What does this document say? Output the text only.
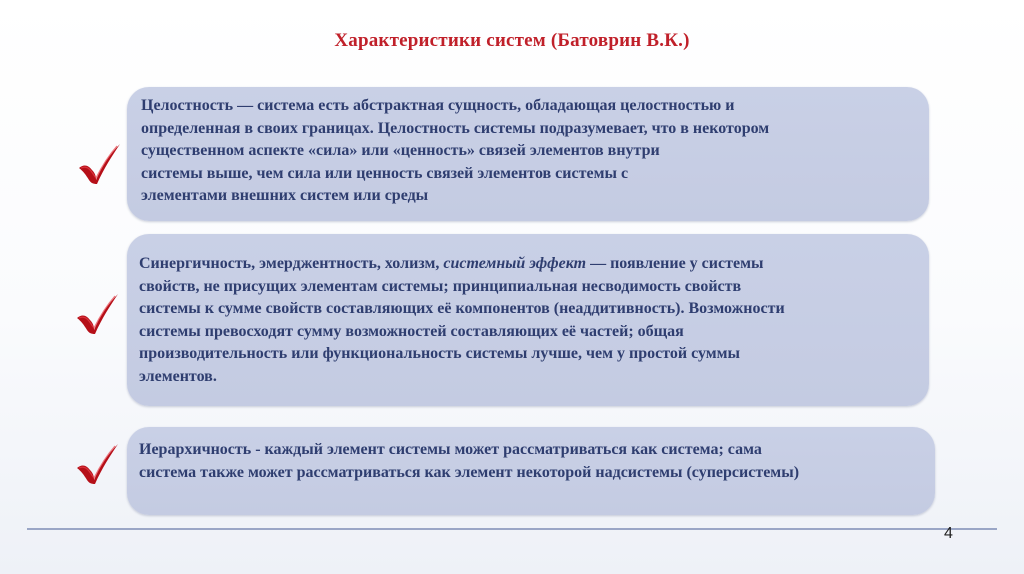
Характеристики систем (Батоврин В.К.)

Целостность — система есть абстрактная сущность, обладающая целостностью и
определенная в своих границах. Целостность системы подразумевает, что в некотором
существенном аспекте «сила» или «ценность» связей элементов внутри
системы выше, чем сила или ценность связей элементов системы с
элементами внешних систем или среды

Синергичность, эмерджентность, холизм, системный эффект — появление у системы
свойств, не присущих элементам системы; принципиальная несводимость свойств
системы к сумме свойств составляющих её компонентов (неаддитивность). Возможности
системы превосходят сумму возможностей составляющих её частей; общая
производительность или функциональность системы лучше, чем у простой суммы
элементов.

Иерархичность - каждый элемент системы может рассматриваться как система; сама
система также может рассматриваться как элемент некоторой надсистемы (суперсистемы)

4
